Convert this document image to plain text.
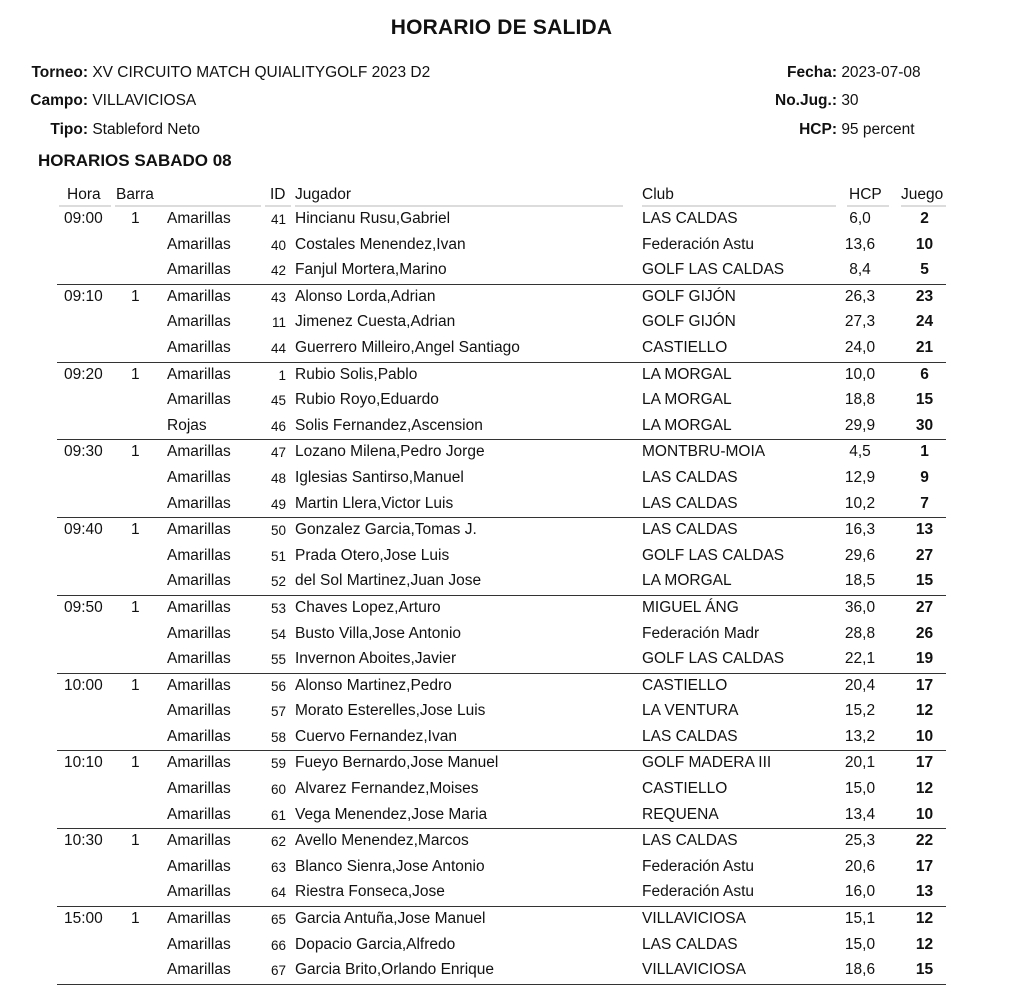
HORARIO DE SALIDA
Torneo: XV CIRCUITO MATCH QUIALITYGOLF 2023 D2
Campo: VILLAVICIOSA
Tipo: Stableford Neto
Fecha: 2023-07-08
No.Jug.: 30
HCP: 95 percent
HORARIOS SABADO 08
Hora Barra	ID Jugador	Club	HCP Juego
09:00 1 Amarillas	41 Hincianu Rusu,Gabriel	LAS CALDAS	6,0	2
Amarillas	40 Costales Menendez,Ivan	Federación Astu	13,6	10
Amarillas	42 Fanjul Mortera,Marino	GOLF LAS CALDAS	8,4	5
09:10 1 Amarillas	43 Alonso Lorda,Adrian	GOLF GIJÓN	26,3	23
Amarillas	11 Jimenez Cuesta,Adrian	GOLF GIJÓN	27,3	24
Amarillas	44 Guerrero Milleiro,Angel Santiago	CASTIELLO	24,0	21
09:20 1 Amarillas	1 Rubio Solis,Pablo	LA MORGAL	10,0	6
Amarillas	45 Rubio Royo,Eduardo	LA MORGAL	18,8	15
Rojas	46 Solis Fernandez,Ascension	LA MORGAL	29,9	30
09:30 1 Amarillas	47 Lozano Milena,Pedro Jorge	MONTBRU-MOIA	4,5	1
Amarillas	48 Iglesias Santirso,Manuel	LAS CALDAS	12,9	9
Amarillas	49 Martin Llera,Victor Luis	LAS CALDAS	10,2	7
09:40 1 Amarillas	50 Gonzalez Garcia,Tomas J.	LAS CALDAS	16,3	13
Amarillas	51 Prada Otero,Jose Luis	GOLF LAS CALDAS	29,6	27
Amarillas	52 del Sol Martinez,Juan Jose	LA MORGAL	18,5	15
09:50 1 Amarillas	53 Chaves Lopez,Arturo	MIGUEL ÁNG	36,0	27
Amarillas	54 Busto Villa,Jose Antonio	Federación Madr	28,8	26
Amarillas	55 Invernon Aboites,Javier	GOLF LAS CALDAS	22,1	19
10:00 1 Amarillas	56 Alonso Martinez,Pedro	CASTIELLO	20,4	17
Amarillas	57 Morato Esterelles,Jose Luis	LA VENTURA	15,2	12
Amarillas	58 Cuervo Fernandez,Ivan	LAS CALDAS	13,2	10
10:10 1 Amarillas	59 Fueyo Bernardo,Jose Manuel	GOLF MADERA III	20,1	17
Amarillas	60 Alvarez Fernandez,Moises	CASTIELLO	15,0	12
Amarillas	61 Vega Menendez,Jose Maria	REQUENA	13,4	10
10:30 1 Amarillas	62 Avello Menendez,Marcos	LAS CALDAS	25,3	22
Amarillas	63 Blanco Sienra,Jose Antonio	Federación Astu	20,6	17
Amarillas	64 Riestra Fonseca,Jose	Federación Astu	16,0	13
15:00 1 Amarillas	65 Garcia Antuña,Jose Manuel	VILLAVICIOSA	15,1	12
Amarillas	66 Dopacio Garcia,Alfredo	LAS CALDAS	15,0	12
Amarillas	67 Garcia Brito,Orlando Enrique	VILLAVICIOSA	18,6	15
